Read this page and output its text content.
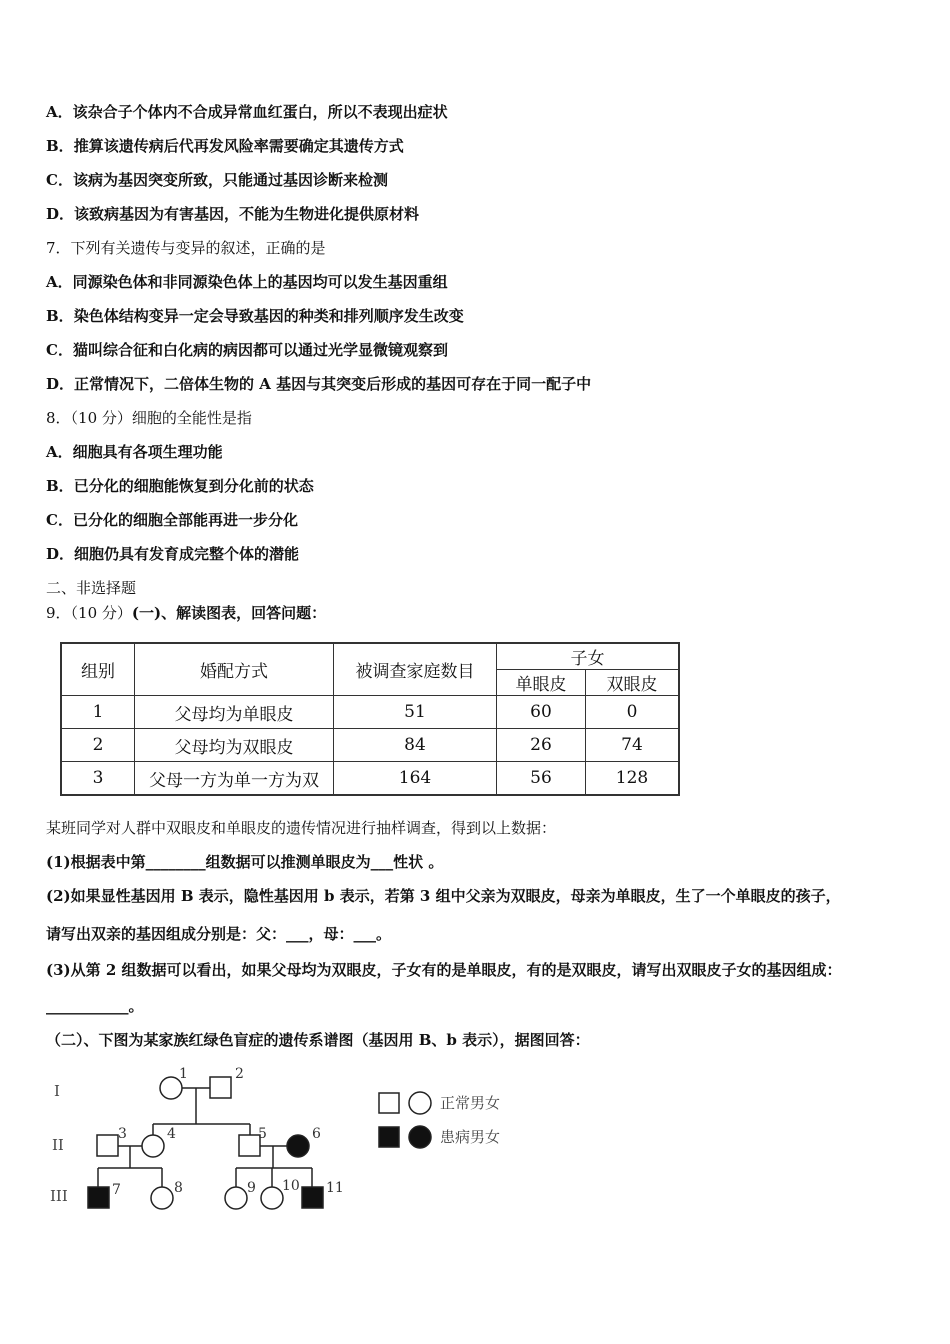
A．该杂合子个体内不合成异常血红蛋白，所以不表现出症状
B．推算该遗传病后代再发风险率需要确定其遗传方式
C．该病为基因突变所致，只能通过基因诊断来检测
D．该致病基因为有害基因，不能为生物进化提供原材料
7．下列有关遗传与变异的叙述，正确的是
A．同源染色体和非同源染色体上的基因均可以发生基因重组
B．染色体结构变异一定会导致基因的种类和排列顺序发生改变
C．猫叫综合征和白化病的病因都可以通过光学显微镜观察到
D．正常情况下，二倍体生物的 A 基因与其突变后形成的基因可存在于同一配子中
8．（10 分）细胞的全能性是指
A．细胞具有各项生理功能
B．已分化的细胞能恢复到分化前的状态
C．已分化的细胞全部能再进一步分化
D．细胞仍具有发育成完整个体的潜能
二、非选择题
9．（10 分）(一)、解读图表，回答问题：
组别	婚配方式	被调查家庭数目	子女	
			单眼皮	双眼皮
1	父母均为单眼皮	51	60	0
2	父母均为双眼皮	84	26	74
3	父母一方为单一方为双	164	56	128
某班同学对人群中双眼皮和单眼皮的遗传情况进行抽样调查，得到以上数据：
(1)根据表中第________组数据可以推测单眼皮为___性状 。
(2)如果显性基因用 B 表示，隐性基因用 b 表示，若第 3 组中父亲为双眼皮，母亲为单眼皮，生了一个单眼皮的孩子，
请写出双亲的基因组成分别是：父：___，母：___。
(3)从第 2 组数据可以看出，如果父母均为双眼皮，子女有的是单眼皮，有的是双眼皮，请写出双眼皮子女的基因组成：
___________。
（二）、下图为某家族红绿色盲症的遗传系谱图（基因用 B、b 表示），据图回答：
I
II
III
1	2
3	4	5	6
7	8	9 10 11
正常男女
患病男女
